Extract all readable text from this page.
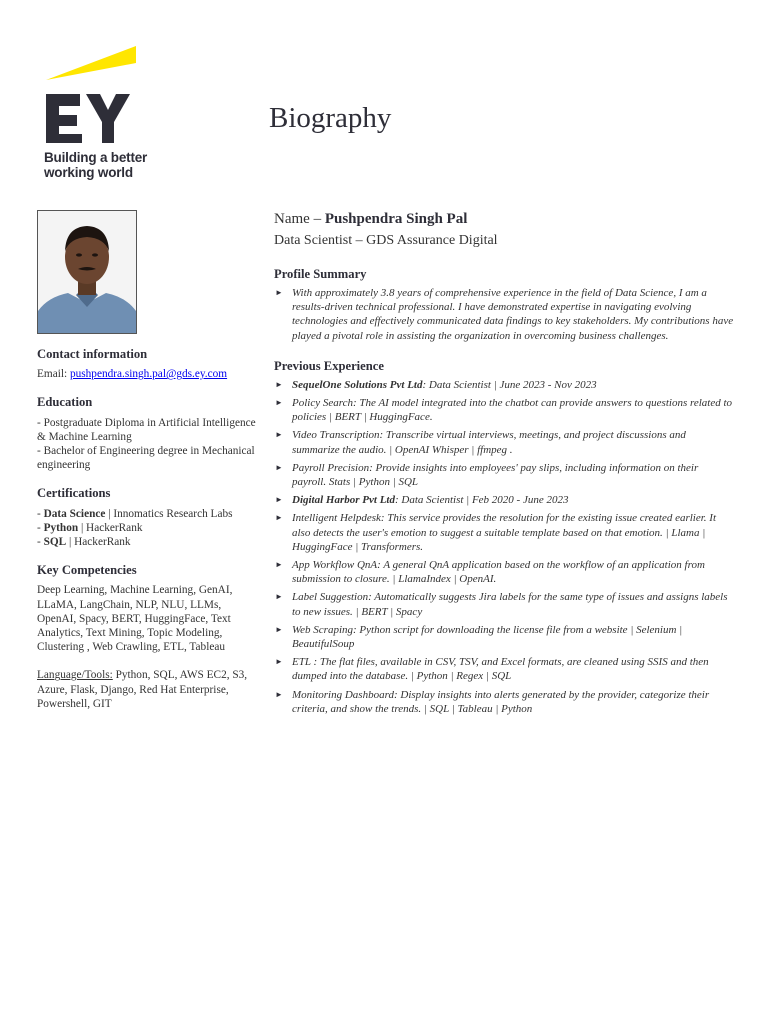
Building a better
working world
Biography
Contact information

Email: pushpendra.singh.pal@gds.ey.com

Education

- Postgraduate Diploma in Artificial Intelligence & Machine Learning

- Bachelor of Engineering degree in Mechanical engineering

Certifications

- Data Science | Innomatics Research Labs

- Python | HackerRank

- SQL | HackerRank

Key Competencies

Deep Learning, Machine Learning, GenAI, LLaMA, LangChain, NLP, NLU, LLMs, OpenAI, Spacy, BERT, HuggingFace, Text Analytics, Text Mining, Topic Modeling, Clustering , Web Crawling, ETL, Tableau

Language/Tools: Python, SQL, AWS EC2, S3, Azure, Flask, Django, Red Hat Enterprise, Powershell, GIT

Name – Pushpendra Singh Pal
Data Scientist – GDS Assurance Digital
Profile Summary
► With approximately 3.8 years of comprehensive experience in the field of Data Science, I am a results-driven technical professional. I have demonstrated expertise in navigating evolving technologies and effectively communicated data findings to key stakeholders. My contributions have played a pivotal role in assisting the organization in overcoming business challenges.
Previous Experience
► SequelOne Solutions Pvt Ltd: Data Scientist | June 2023 - Nov 2023
► Policy Search: The AI model integrated into the chatbot can provide answers to questions related to policies | BERT | HuggingFace.
► Video Transcription: Transcribe virtual interviews, meetings, and project discussions and summarize the audio. | OpenAI Whisper | ffmpeg .
► Payroll Precision: Provide insights into employees' pay slips, including information on their payroll. Stats | Python | SQL
► Digital Harbor Pvt Ltd: Data Scientist | Feb 2020 - June 2023
► Intelligent Helpdesk: This service provides the resolution for the existing issue created earlier. It also detects the user's emotion to suggest a suitable template based on that emotion. | Llama | HuggingFace | Transformers.
► App Workflow QnA: A general QnA application based on the workflow of an application from submission to closure. | LlamaIndex | OpenAI.
► Label Suggestion: Automatically suggests Jira labels for the same type of issues and assigns labels to new issues. | BERT | Spacy
► Web Scraping: Python script for downloading the license file from a website | Selenium | BeautifulSoup
► ETL : The flat files, available in CSV, TSV, and Excel formats, are cleaned using SSIS and then dumped into the database. | Python | Regex | SQL
► Monitoring Dashboard: Display insights into alerts generated by the provider, categorize their criteria, and show the trends. | SQL | Tableau | Python
